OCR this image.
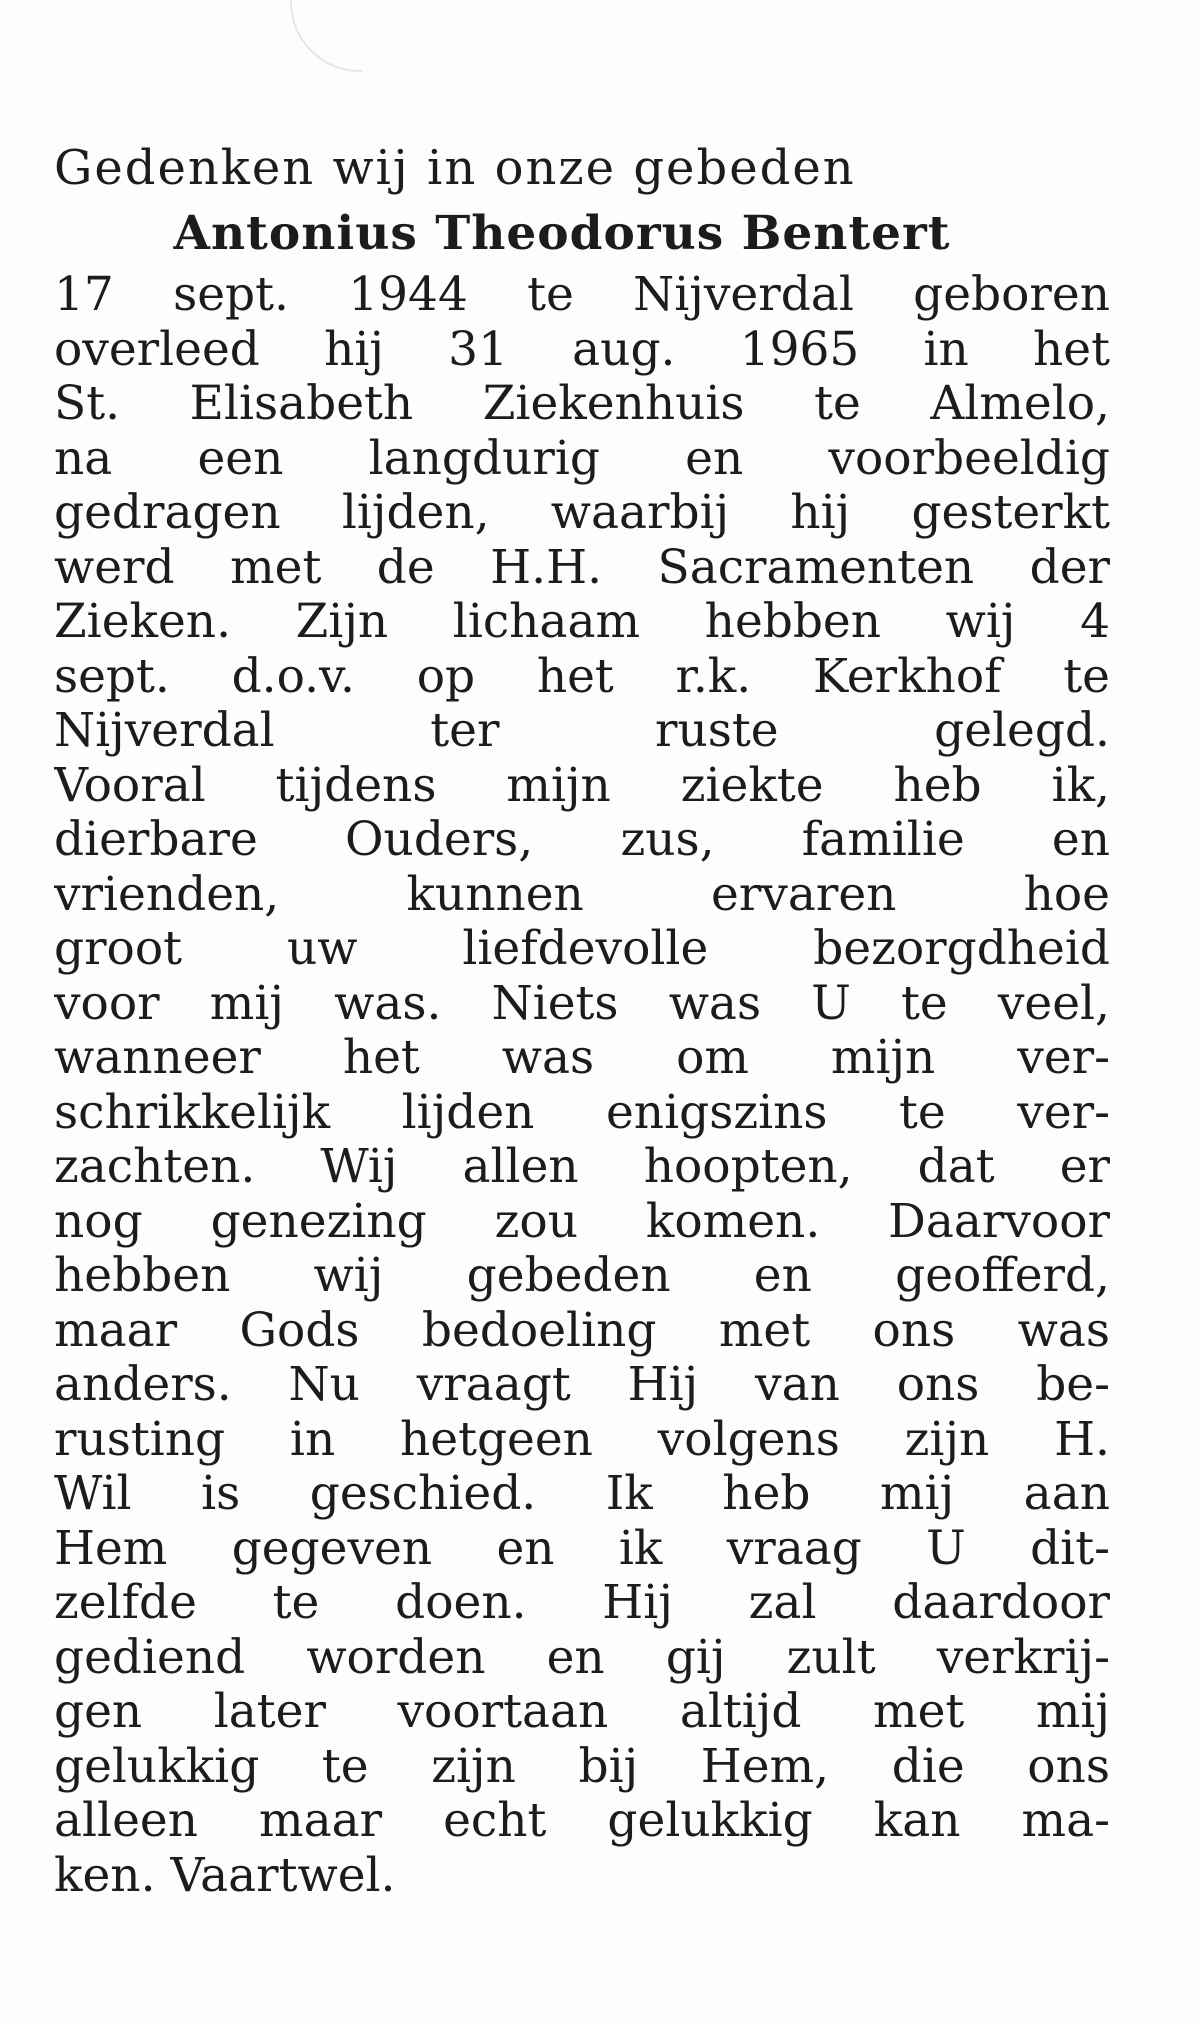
Gedenken wij in onze gebeden

Antonius Theodorus Bentert

17 sept. 1944 te Nijverdal geboren
overleed hij 31 aug. 1965 in het
St. Elisabeth Ziekenhuis te Almelo,
na een langdurig en voorbeeldig
gedragen lijden, waarbij hij gesterkt
werd met de H.H. Sacramenten der
Zieken. Zijn lichaam hebben wij 4
sept. d.o.v. op het r.k. Kerkhof te
Nijverdal ter ruste gelegd.
Vooral tijdens mijn ziekte heb ik,
dierbare Ouders, zus, familie en
vrienden, kunnen ervaren hoe
groot uw liefdevolle bezorgdheid
voor mij was. Niets was U te veel,
wanneer het was om mijn ver-
schrikkelijk lijden enigszins te ver-
zachten. Wij allen hoopten, dat er
nog genezing zou komen. Daarvoor
hebben wij gebeden en geofferd,
maar Gods bedoeling met ons was
anders. Nu vraagt Hij van ons be-
rusting in hetgeen volgens zijn H.
Wil is geschied. Ik heb mij aan
Hem gegeven en ik vraag U dit-
zelfde te doen. Hij zal daardoor
gediend worden en gij zult verkrij-
gen later voortaan altijd met mij
gelukkig te zijn bij Hem, die ons
alleen maar echt gelukkig kan ma-
ken. Vaartwel.
